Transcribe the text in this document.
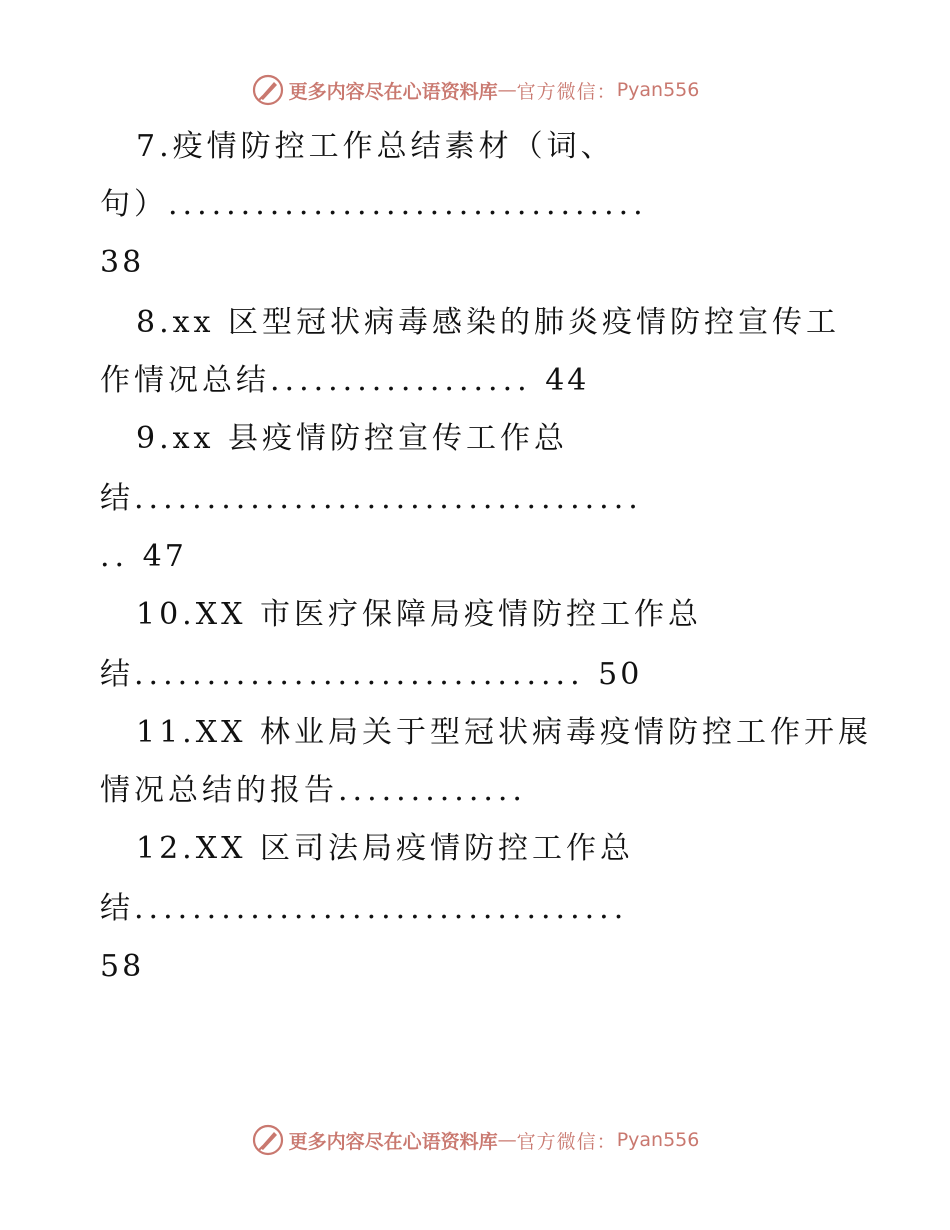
更多内容尽在心语资料库 — 官方微信： Pyan556
7.疫情防控工作总结素材（词、
句）.................................
38
8.xx 区型冠状病毒感染的肺炎疫情防控宣传工
作情况总结.................. 44
9.xx 县疫情防控宣传工作总
结...................................
.. 47
10.XX 市医疗保障局疫情防控工作总
结............................... 50
11.XX 林业局关于型冠状病毒疫情防控工作开展
情况总结的报告.............
12.XX 区司法局疫情防控工作总
结..................................
58
更多内容尽在心语资料库 — 官方微信： Pyan556
